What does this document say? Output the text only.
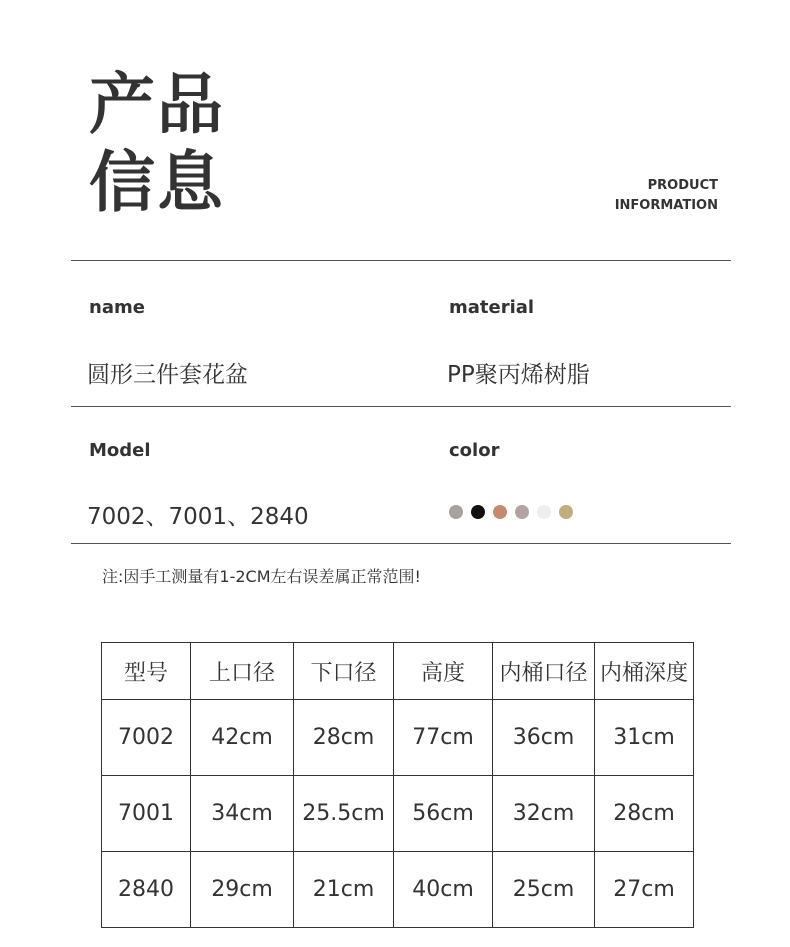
产品
信息	PRODUCT
INFORMATION
name	material
圆形三件套花盆	PP聚丙烯树脂
Model	color
7002、7001、2840
注:因手工测量有1-2CM左右误差属正常范围!
型号	上口径	下口径	高度	内桶口径	内桶深度
7002	42cm	28cm	77cm	36cm	31cm
7001	34cm	25.5cm	56cm	32cm	28cm
2840	29cm	21cm	40cm	25cm	27cm
